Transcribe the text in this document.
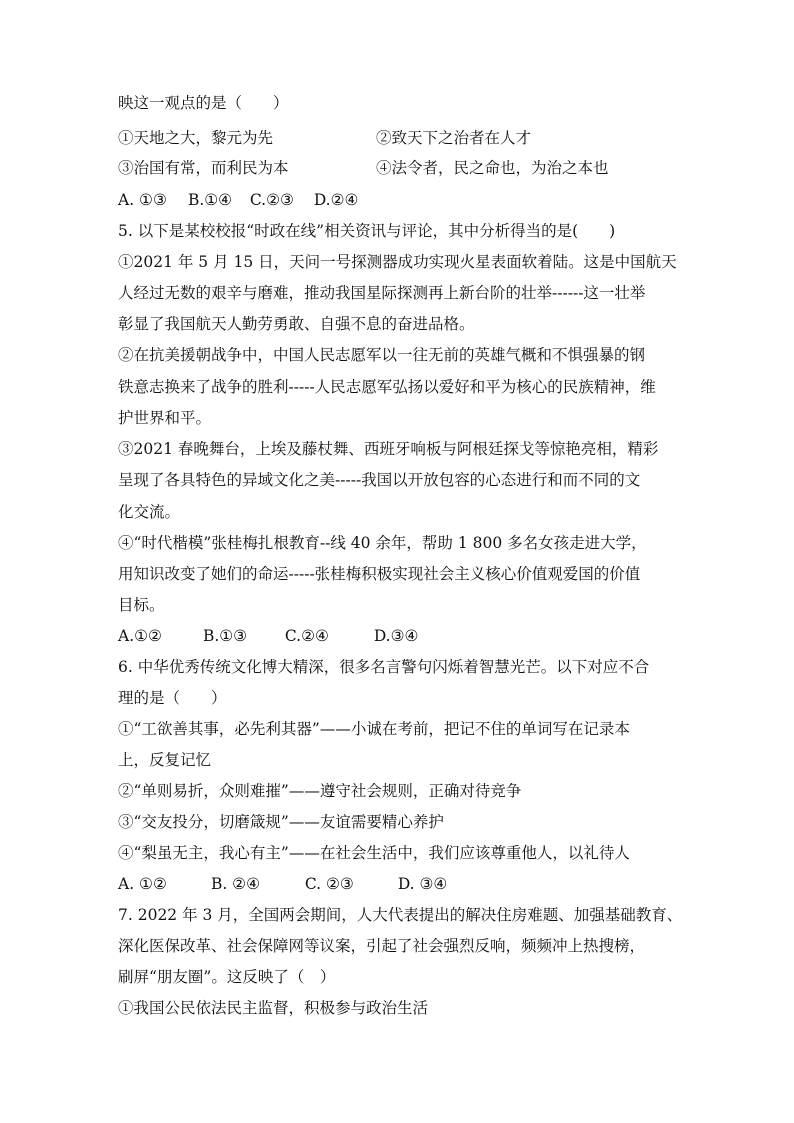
映这一观点的是（　　）
①天地之大，黎元为先	②致天下之治者在人才
③治国有常，而利民为本	④法令者，民之命也，为治之本也
A. ①③ B.①④ C.②③ D.②④
5. 以下是某校校报“时政在线”相关资讯与评论，其中分析得当的是(　　)
①2021 年 5 月 15 日，天问一号探测器成功实现火星表面软着陆。这是中国航天
人经过无数的艰辛与磨难，推动我国星际探测再上新台阶的壮举------这一壮举
彰显了我国航天人勤劳勇敢、自强不息的奋进品格。
②在抗美援朝战争中，中国人民志愿军以一往无前的英雄气概和不惧强暴的钢
铁意志换来了战争的胜利-----人民志愿军弘扬以爱好和平为核心的民族精神，维
护世界和平。
③2021 春晚舞台，上埃及藤杖舞、西班牙响板与阿根廷探戈等惊艳亮相，精彩
呈现了各具特色的异域文化之美-----我国以开放包容的心态进行和而不同的文
化交流。
④“时代楷模”张桂梅扎根教育--线 40 余年，帮助 1 800 多名女孩走进大学，
用知识改变了她们的命运-----张桂梅积极实现社会主义核心价值观爱国的价值
目标。
A.①②	B.①③ C.②④	D.③④
6. 中华优秀传统文化博大精深，很多名言警句闪烁着智慧光芒。以下对应不合
理的是（　　）
①“工欲善其事，必先利其器”——小诚在考前，把记不住的单词写在记录本
上，反复记忆
②“单则易折，众则难摧”——遵守社会规则，正确对待竞争
③“交友投分，切磨箴规”——友谊需要精心养护
④“梨虽无主，我心有主”——在社会生活中，我们应该尊重他人，以礼待人
A. ①②	B. ②④	C. ②③	D. ③④
7. 2022 年 3 月，全国两会期间，人大代表提出的解决住房难题、加强基础教育、
深化医保改革、社会保障网等议案，引起了社会强烈反响，频频冲上热搜榜，
刷屏“朋友圈”。这反映了（　）
①我国公民依法民主监督，积极参与政治生活
